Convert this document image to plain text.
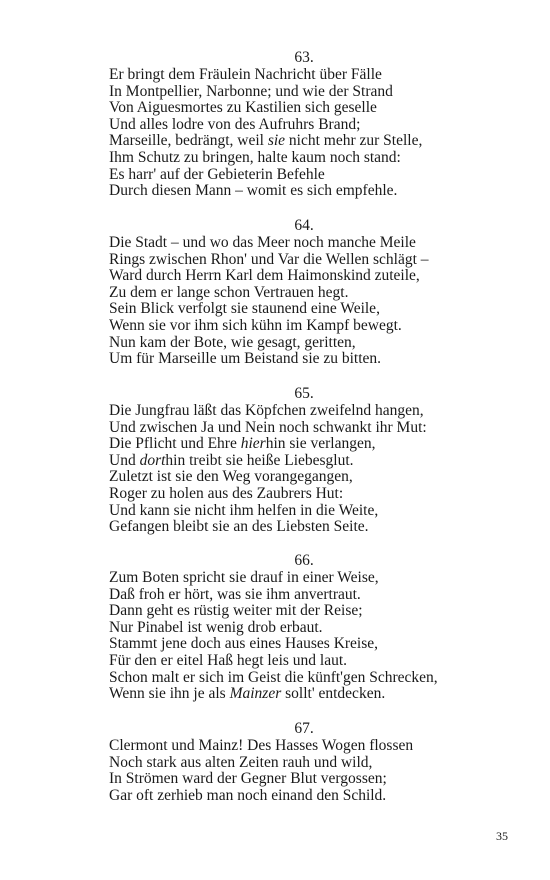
63.
Er bringt dem Fräulein Nachricht über Fälle
In Montpellier, Narbonne; und wie der Strand
Von Aiguesmortes zu Kastilien sich geselle
Und alles lodre von des Aufruhrs Brand;
Marseille, bedrängt, weil sie nicht mehr zur Stelle,
Ihm Schutz zu bringen, halte kaum noch stand:
Es harr' auf der Gebieterin Befehle
Durch diesen Mann – womit es sich empfehle.
64.
Die Stadt – und wo das Meer noch manche Meile
Rings zwischen Rhon' und Var die Wellen schlägt –
Ward durch Herrn Karl dem Haimonskind zuteile,
Zu dem er lange schon Vertrauen hegt.
Sein Blick verfolgt sie staunend eine Weile,
Wenn sie vor ihm sich kühn im Kampf bewegt.
Nun kam der Bote, wie gesagt, geritten,
Um für Marseille um Beistand sie zu bitten.
65.
Die Jungfrau läßt das Köpfchen zweifelnd hangen,
Und zwischen Ja und Nein noch schwankt ihr Mut:
Die Pflicht und Ehre hierhin sie verlangen,
Und dorthin treibt sie heiße Liebesglut.
Zuletzt ist sie den Weg vorangegangen,
Roger zu holen aus des Zaubrers Hut:
Und kann sie nicht ihm helfen in die Weite,
Gefangen bleibt sie an des Liebsten Seite.
66.
Zum Boten spricht sie drauf in einer Weise,
Daß froh er hört, was sie ihm anvertraut.
Dann geht es rüstig weiter mit der Reise;
Nur Pinabel ist wenig drob erbaut.
Stammt jene doch aus eines Hauses Kreise,
Für den er eitel Haß hegt leis und laut.
Schon malt er sich im Geist die künft'gen Schrecken,
Wenn sie ihn je als Mainzer sollt' entdecken.
67.
Clermont und Mainz! Des Hasses Wogen flossen
Noch stark aus alten Zeiten rauh und wild,
In Strömen ward der Gegner Blut vergossen;
Gar oft zerhieb man noch einand den Schild.
35
